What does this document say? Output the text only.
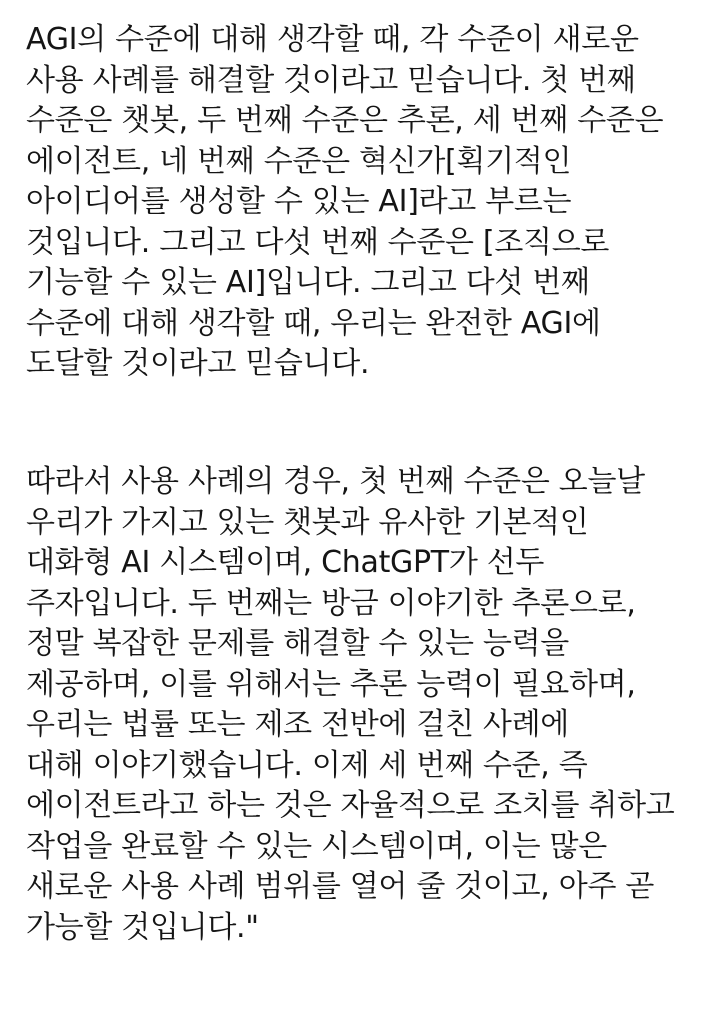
AGI의 수준에 대해 생각할 때, 각 수준이 새로운
사용 사례를 해결할 것이라고 믿습니다. 첫 번째
수준은 챗봇, 두 번째 수준은 추론, 세 번째 수준은
에이전트, 네 번째 수준은 혁신가[획기적인
아이디어를 생성할 수 있는 AI]라고 부르는
것입니다. 그리고 다섯 번째 수준은 [조직으로
기능할 수 있는 AI]입니다. 그리고 다섯 번째
수준에 대해 생각할 때, 우리는 완전한 AGI에
도달할 것이라고 믿습니다.

따라서 사용 사례의 경우, 첫 번째 수준은 오늘날
우리가 가지고 있는 챗봇과 유사한 기본적인
대화형 AI 시스템이며, ChatGPT가 선두
주자입니다. 두 번째는 방금 이야기한 추론으로,
정말 복잡한 문제를 해결할 수 있는 능력을
제공하며, 이를 위해서는 추론 능력이 필요하며,
우리는 법률 또는 제조 전반에 걸친 사례에
대해 이야기했습니다. 이제 세 번째 수준, 즉
에이전트라고 하는 것은 자율적으로 조치를 취하고
작업을 완료할 수 있는 시스템이며, 이는 많은
새로운 사용 사례 범위를 열어 줄 것이고, 아주 곧
가능할 것입니다."
